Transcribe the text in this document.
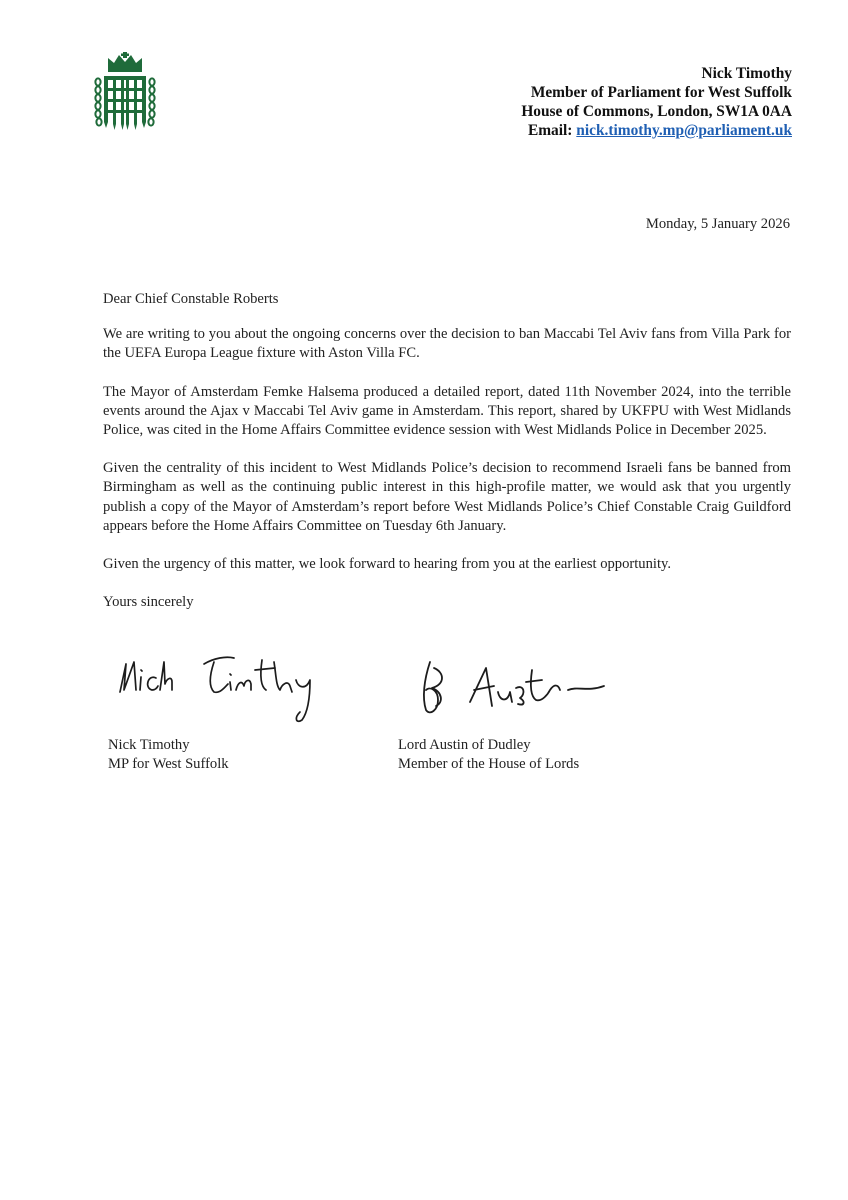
Nick Timothy
Member of Parliament for West Suffolk
House of Commons, London, SW1A 0AA
Email: nick.timothy.mp@parliament.uk
Monday, 5 January 2026

Dear Chief Constable Roberts

We are writing to you about the ongoing concerns over the decision to ban Maccabi Tel Aviv fans from Villa Park for the UEFA Europa League fixture with Aston Villa FC.

The Mayor of Amsterdam Femke Halsema produced a detailed report, dated 11th November 2024, into the terrible events around the Ajax v Maccabi Tel Aviv game in Amsterdam. This report, shared by UKFPU with West Midlands Police, was cited in the Home Affairs Committee evidence session with West Midlands Police in December 2025.

Given the centrality of this incident to West Midlands Police’s decision to recommend Israeli fans be banned from Birmingham as well as the continuing public interest in this high-profile matter, we would ask that you urgently publish a copy of the Mayor of Amsterdam’s report before West Midlands Police’s Chief Constable Craig Guildford appears before the Home Affairs Committee on Tuesday 6th January.

Given the urgency of this matter, we look forward to hearing from you at the earliest opportunity.

Yours sincerely

Nick Timothy
MP for West Suffolk
Lord Austin of Dudley
Member of the House of Lords
